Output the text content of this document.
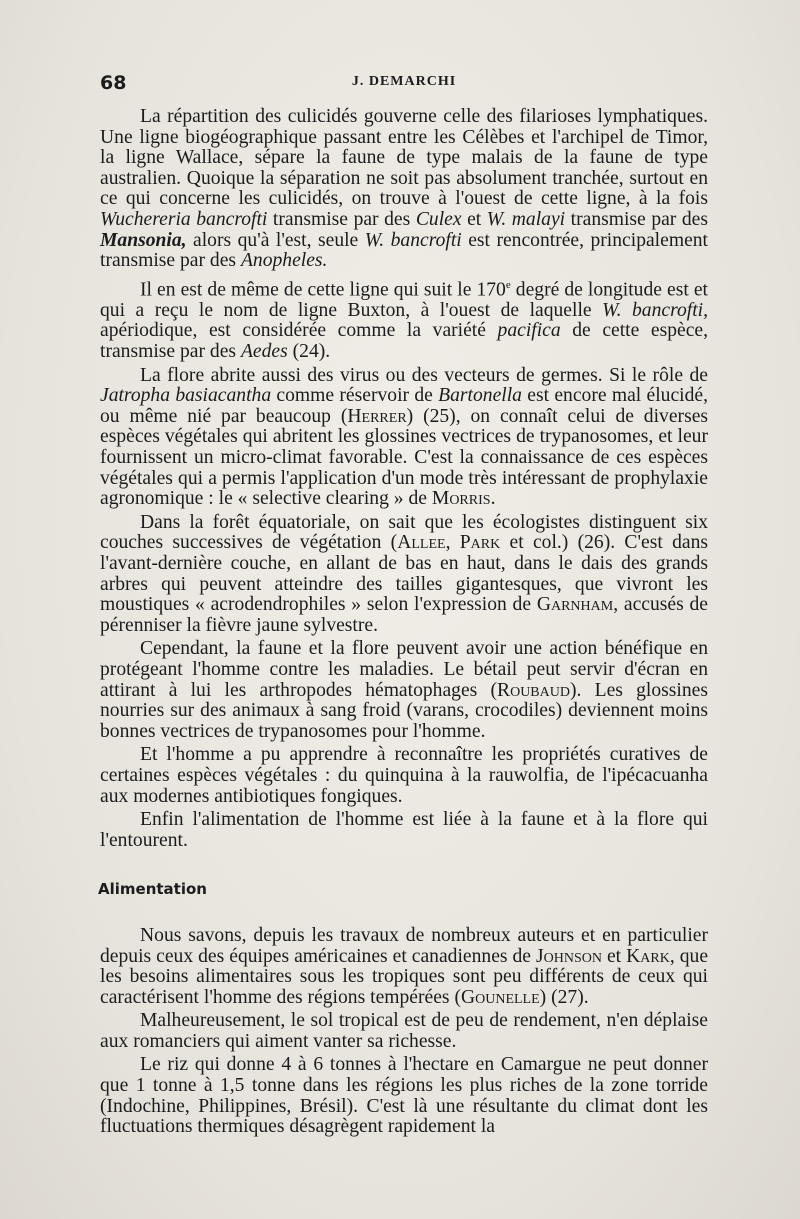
68	J. DEMARCHI

La répartition des culicidés gouverne celle des filarioses lymphatiques. Une ligne biogéographique passant entre les Célèbes et l'archipel de Timor, la ligne Wallace, sépare la faune de type malais de la faune de type australien. Quoique la séparation ne soit pas absolument tranchée, surtout en ce qui concerne les culicidés, on trouve à l'ouest de cette ligne, à la fois Wuchereria bancrofti transmise par des Culex et W. malayi transmise par des Mansonia, alors qu'à l'est, seule W. bancrofti est rencontrée, principalement transmise par des Anopheles.

Il en est de même de cette ligne qui suit le 170e degré de longitude est et qui a reçu le nom de ligne Buxton, à l'ouest de laquelle W. bancrofti, apériodique, est considérée comme la variété pacifica de cette espèce, transmise par des Aedes (24).

La flore abrite aussi des virus ou des vecteurs de germes. Si le rôle de Jatropha basiacantha comme réservoir de Bartonella est encore mal élucidé, ou même nié par beaucoup (Herrer) (25), on connaît celui de diverses espèces végétales qui abritent les glossines vectrices de trypanosomes, et leur fournissent un micro-climat favorable. C'est la connaissance de ces espèces végétales qui a permis l'application d'un mode très intéressant de prophylaxie agronomique : le « selective clearing » de Morris.

Dans la forêt équatoriale, on sait que les écologistes distinguent six couches successives de végétation (Allee, Park et col.) (26). C'est dans l'avant-dernière couche, en allant de bas en haut, dans le dais des grands arbres qui peuvent atteindre des tailles gigantesques, que vivront les moustiques « acrodendrophiles » selon l'expression de Garnham, accusés de pérenniser la fièvre jaune sylvestre.

Cependant, la faune et la flore peuvent avoir une action bénéfique en protégeant l'homme contre les maladies. Le bétail peut servir d'écran en attirant à lui les arthropodes hématophages (Roubaud). Les glossines nourries sur des animaux à sang froid (varans, crocodiles) deviennent moins bonnes vectrices de trypanosomes pour l'homme.

Et l'homme a pu apprendre à reconnaître les propriétés curatives de certaines espèces végétales : du quinquina à la rauwolfia, de l'ipécacuanha aux modernes antibiotiques fongiques.

Enfin l'alimentation de l'homme est liée à la faune et à la flore qui l'entourent.

Alimentation

Nous savons, depuis les travaux de nombreux auteurs et en particulier depuis ceux des équipes américaines et canadiennes de Johnson et Kark, que les besoins alimentaires sous les tropiques sont peu différents de ceux qui caractérisent l'homme des régions tempérées (Gounelle) (27).

Malheureusement, le sol tropical est de peu de rendement, n'en déplaise aux romanciers qui aiment vanter sa richesse.

Le riz qui donne 4 à 6 tonnes à l'hectare en Camargue ne peut donner que 1 tonne à 1,5 tonne dans les régions les plus riches de la zone torride (Indochine, Philippines, Brésil). C'est là une résultante du climat dont les fluctuations thermiques désagrègent rapidement la
